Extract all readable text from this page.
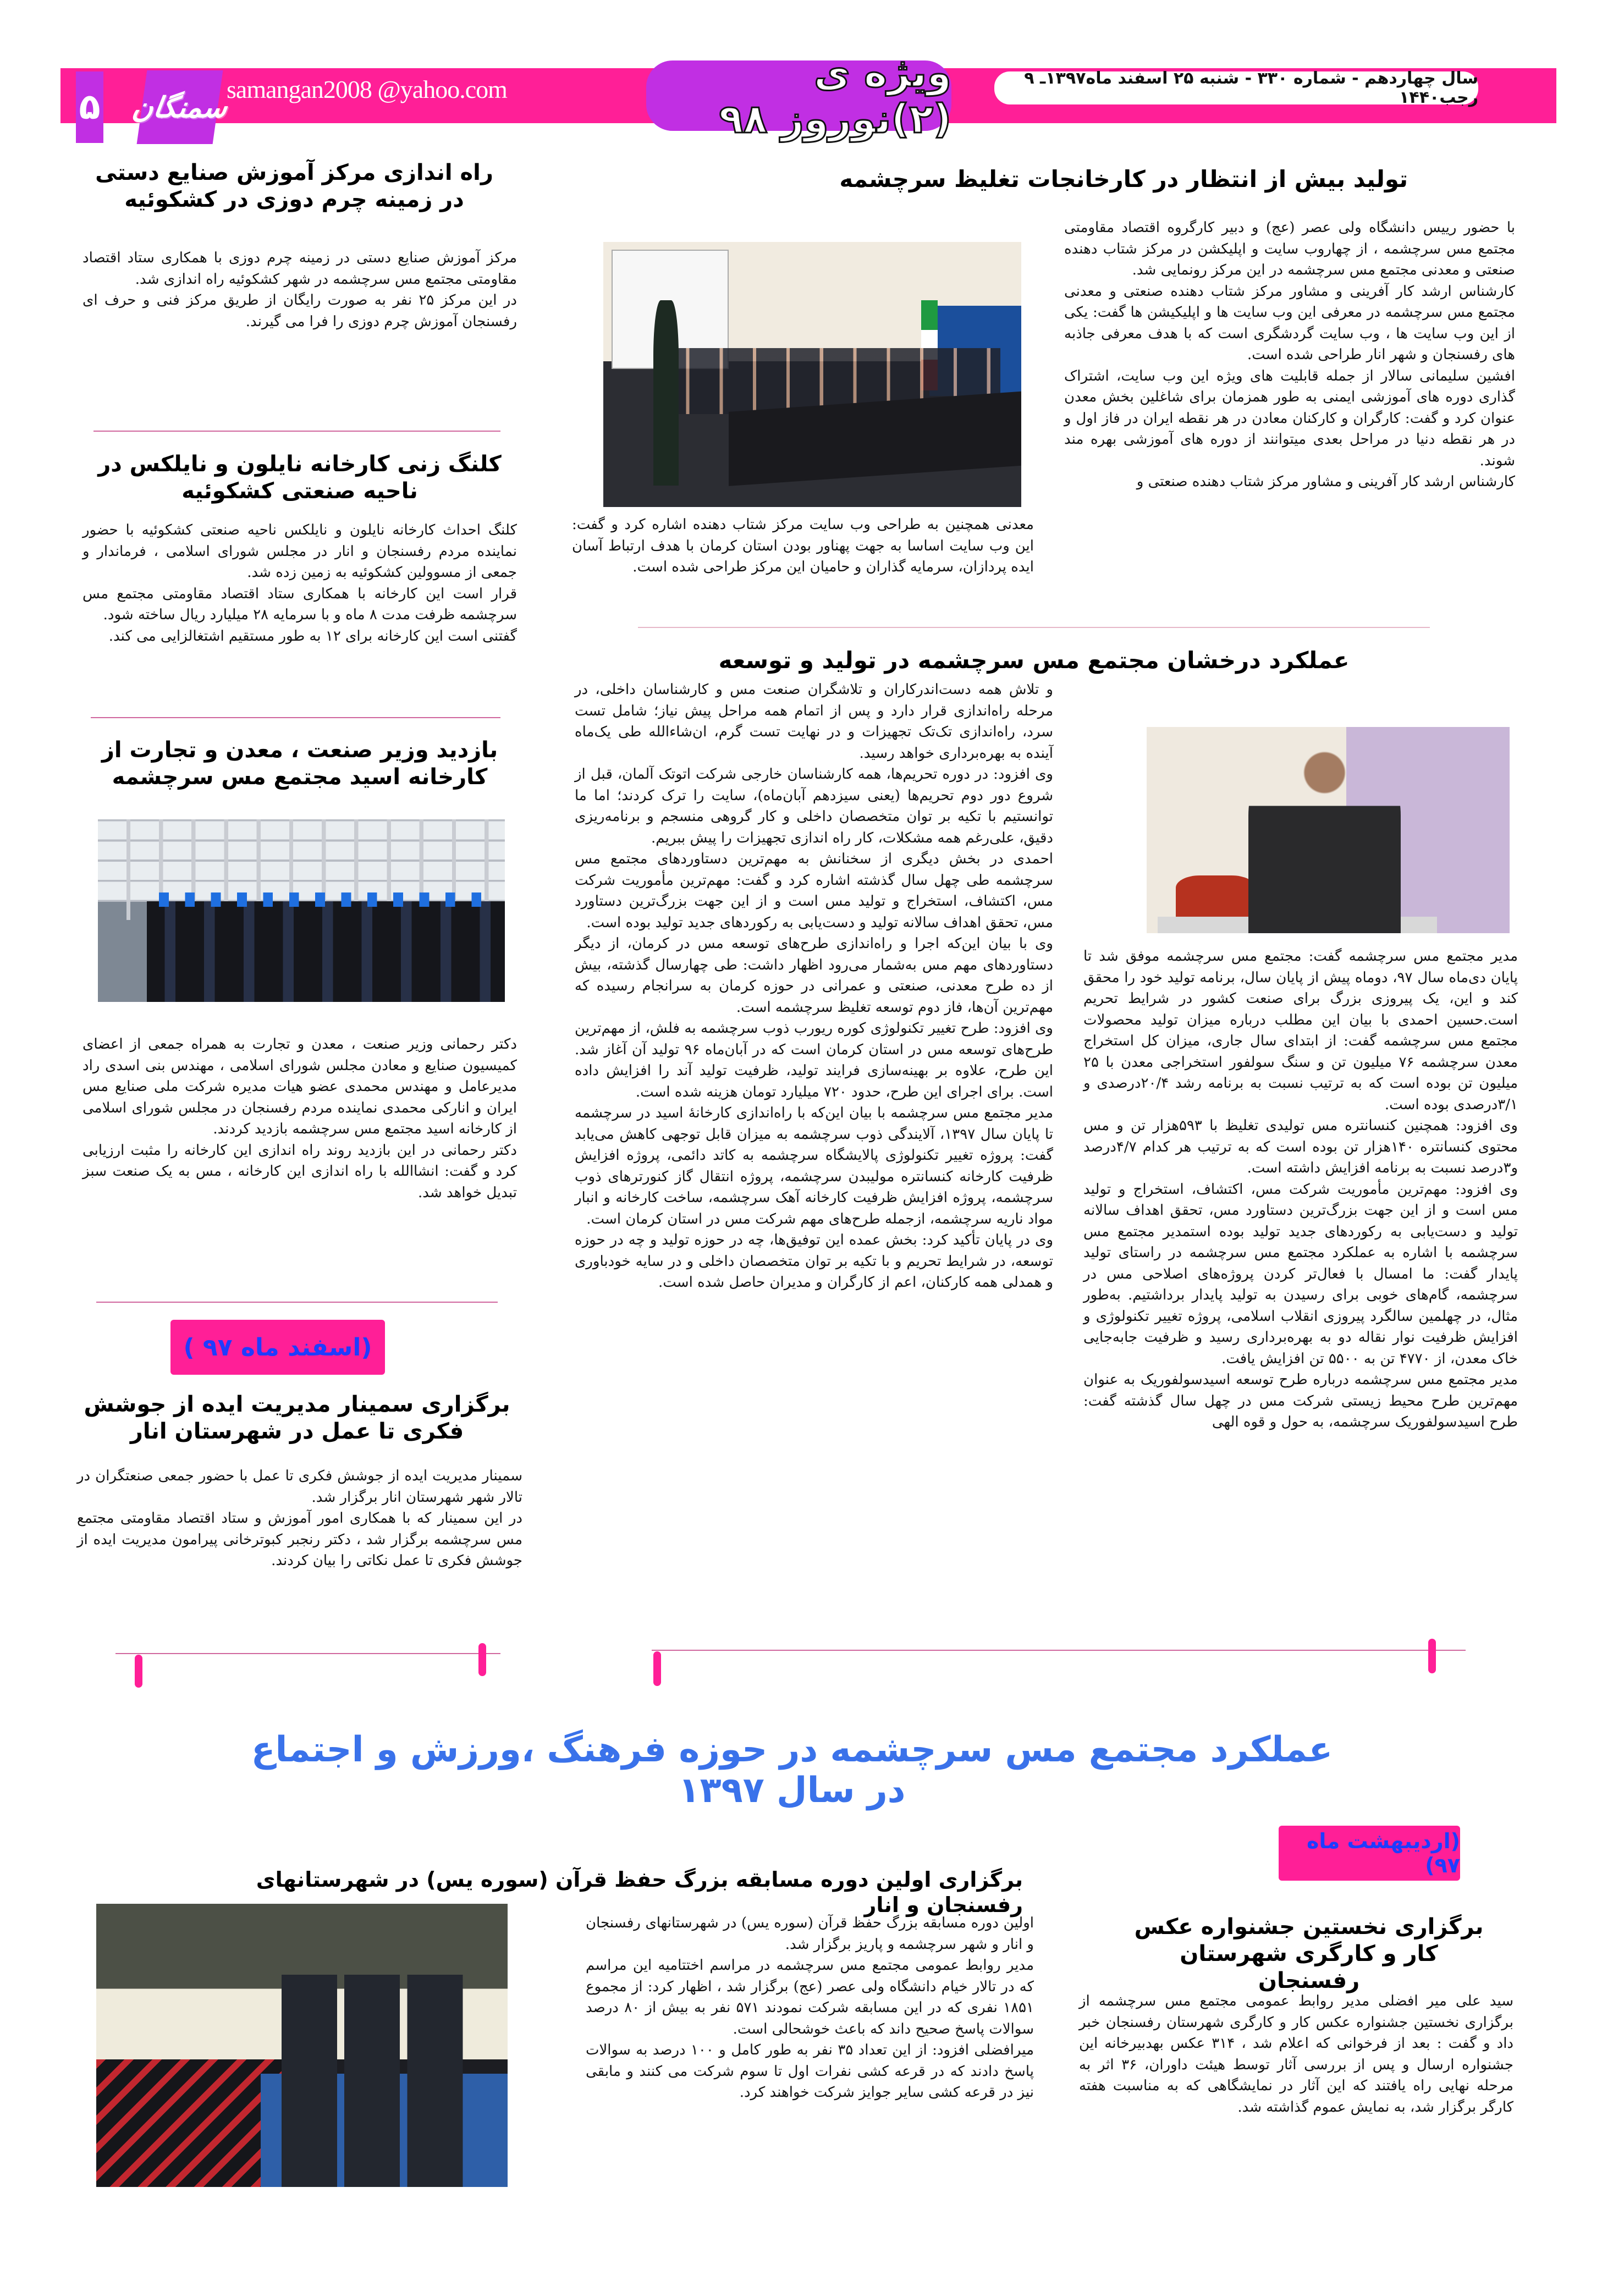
۵ سمنگان
samangan2008 @yahoo.com	ویژه ی (۲)نوروز ۹۸
سال چهاردهم - شماره ۳۳۰ - شنبه ۲۵ اسفند ماه۱۳۹۷ـ ۹ رجب۱۴۴۰
تولید بیش از انتظار در کارخانجات تغلیظ سرچشمه

با حضور رییس دانشگاه ولی عصر (عج) و دبیر کارگروه اقتصاد مقاومتی مجتمع مس سرچشمه ، از چهاروب سایت و اپلیکشن در مرکز شتاب دهنده صنعتی و معدنی مجتمع مس سرچشمه در این مرکز رونمایی شد.

کارشناس ارشد کار آفرینی و مشاور مرکز شتاب دهنده صنعتی و معدنی مجتمع مس سرچشمه در معرفی این وب سایت ها و اپلیکیشن ها گفت: یکی از این وب سایت ها ، وب سایت گردشگری است که با هدف معرفی جاذبه های رفسنجان و شهر انار طراحی شده است.

افشین سلیمانی سالار از جمله قابلیت های ویژه این وب سایت، اشتراک گذاری دوره های آموزشی ایمنی به طور همزمان برای شاغلین بخش معدن عنوان کرد و گفت: کارگران و کارکنان معادن در هر نقطه ایران در فاز اول و در هر نقطه دنیا در مراحل بعدی میتوانند از دوره های آموزشی بهره مند شوند.

کارشناس ارشد کار آفرینی و مشاور مرکز شتاب دهنده صنعتی و

معدنی همچنین به طراحی وب سایت مرکز شتاب دهنده اشاره کرد و گفت: این وب سایت اساسا به جهت پهناور بودن استان کرمان با هدف ارتباط آسان ایده پردازان، سرمایه گذاران و حامیان این مرکز طراحی شده است.
راه اندازی مرکز آموزش صنایع دستی در زمینه چرم دوزی در کشکوئیه

مرکز آموزش صنایع دستی در زمینه چرم دوزی با همکاری ستاد اقتصاد مقاومتی مجتمع مس سرچشمه در شهر کشکوئیه راه اندازی شد.

در این مرکز ۲۵ نفر به صورت رایگان از طریق مرکز فنی و حرف ای رفسنجان آموزش چرم دوزی را فرا می گیرند.

کلنگ زنی کارخانه نایلون و نایلکس در ناحیه صنعتی کشکوئیه

کلنگ احداث کارخانه نایلون و نایلکس ناحیه صنعتی کشکوئیه با حضور نماینده مردم رفسنجان و انار در مجلس شورای اسلامی ، فرماندار و جمعی از مسوولین کشکوئیه به زمین زده شد.

قرار است این کارخانه با همکاری ستاد اقتصاد مقاومتی مجتمع مس سرچشمه ظرفت مدت ۸ ماه و با سرمایه ۲۸ میلیارد ریال ساخته شود.

گفتنی است این کارخانه برای ۱۲ به طور مستقیم اشتغالزایی می کند.

بازدید وزیر صنعت ، معدن و تجارت از کارخانه اسید مجتمع مس سرچشمه

دکتر رحمانی وزیر صنعت ، معدن و تجارت به همراه جمعی از اعضای کمیسیون صنایع و معادن مجلس شورای اسلامی ، مهندس بنی اسدی راد مدیرعامل و مهندس محمدی عضو هیات مدیره شرکت ملی صنایع مس ایران و انارکی محمدی نماینده مردم رفسنجان در مجلس شورای اسلامی از کارخانه اسید مجتمع مس سرچشمه بازدید کردند.

دکتر رحمانی در این بازدید روند راه اندازی این کارخانه را مثبت ارزیابی کرد و گفت: انشاالله با راه اندازی این کارخانه ، مس به یک صنعت سبز تبدیل خواهد شد.

(اسفند ماه ۹۷ )
برگزاری سمینار مدیریت ایده از جوشش فکری تا عمل در شهرستان انار

سمینار مدیریت ایده از جوشش فکری تا عمل با حضور جمعی صنعتگران در تالار شهر شهرستان انار برگزار شد.

در این سمینار که با همکاری امور آموزش و ستاد اقتصاد مقاومتی مجتمع مس سرچشمه برگزار شد ، دکتر رنجبر کبوترخانی پیرامون مدیریت ایده از جوشش فکری تا عمل نکاتی را بیان کردند.

عملکرد درخشان مجتمع مس سرچشمه در تولید و توسعه

مدیر مجتمع مس سرچشمه گفت: مجتمع مس سرچشمه موفق شد تا پایان دی‌ماه سال ۹۷، دوماه پیش از پایان سال، برنامه تولید خود را محقق کند و این، یک پیروزی بزرگ برای صنعت کشور در شرایط تحریم است.حسین احمدی با بیان این مطلب درباره میزان تولید محصولات مجتمع مس سرچشمه گفت: از ابتدای سال جاری، میزان کل استخراج معدن سرچشمه ۷۶ میلیون تن و سنگ سولفور استخراجی معدن با ۲۵ میلیون تن بوده است که به ترتیب نسبت به برنامه رشد ۲۰/۴درصدی و ۳/۱درصدی بوده است.

وی افزود: همچنین کنسانتره مس تولیدی تغلیظ با ۵۹۳هزار تن و مس محتوی کنسانتره ۱۴۰هزار تن بوده است که به ترتیب هر کدام ۴/۷درصد و۳درصد نسبت به برنامه افزایش داشته است.

وی افزود: مهم‌ترین مأموریت شرکت مس، اکتشاف، استخراج و تولید مس است و از این جهت بزرگ‌ترین دستاورد مس، تحقق اهداف سالانه تولید و دست‌یابی به رکوردهای جدید تولید بوده استمدیر مجتمع مس سرچشمه با اشاره به عملکرد مجتمع مس سرچشمه در راستای تولید پایدار گفت: ما امسال با فعال‌تر کردن پروژه‌های اصلاحی مس در سرچشمه، گام‌های خوبی برای رسیدن به تولید پایدار برداشتیم. به‌طور مثال، در چهلمین سالگرد پیروزی انقلاب اسلامی، پروژه تغییر تکنولوژی و افزایش ظرفیت نوار نقاله دو به بهره‌برداری رسید و ظرفیت جابه‌جایی خاک معدن، از ۴۷۷۰ تن به ۵۵۰۰ تن افزایش یافت.

مدیر مجتمع مس سرچشمه درباره طرح توسعه اسیدسولفوریک به عنوان مهم‌ترین طرح محیط زیستی شرکت مس در چهل سال گذشته گفت: طرح اسیدسولفوریک سرچشمه، به حول و قوه الهی

و تلاش همه دست‌اندرکاران و تلاشگران صنعت مس و کارشناسان داخلی، در مرحله راه‌اندازی قرار دارد و پس از اتمام همه مراحل پیش نیاز؛ شامل تست سرد، راه‌اندازی تک‌تک تجهیزات و در نهایت تست گرم، ان‌شاءالله طی یک‌ماه آینده به بهره‌برداری خواهد رسید.

وی افزود: در دوره تحریم‌ها، همه کارشناسان خارجی شرکت اتوتک آلمان، قبل از شروع دور دوم تحریم‌ها (یعنی سیزدهم آبان‌ماه)، سایت را ترک کردند؛ اما ما توانستیم با تکیه بر توان متخصصان داخلی و کار گروهی منسجم و برنامه‌ریزی دقیق، علی‌رغم همه مشکلات، کار راه اندازی تجهیزات را پیش ببریم.

احمدی در بخش دیگری از سخنانش به مهم‌ترین دستاوردهای مجتمع مس سرچشمه طی چهل سال گذشته اشاره کرد و گفت: مهم‌ترین مأموریت شرکت مس، اکتشاف، استخراج و تولید مس است و از این جهت بزرگ‌ترین دستاورد مس، تحقق اهداف سالانه تولید و دست‌یابی به رکوردهای جدید تولید بوده است.

وی با بیان این‌که اجرا و راه‌اندازی طرح‌های توسعه مس در کرمان، از دیگر دستاوردهای مهم مس به‌شمار می‌رود اظهار داشت: طی چهارسال گذشته، بیش از ده طرح معدنی، صنعتی و عمرانی در حوزه کرمان به سرانجام رسیده که مهم‌ترین آن‌ها، فاز دوم توسعه تغلیظ سرچشمه است.

وی افزود: طرح تغییر تکنولوژی کوره ریورب ذوب سرچشمه به فلش، از مهم‌ترین طرح‌های توسعه مس در استان کرمان است که در آبان‌ماه ۹۶ تولید آن آغاز شد. این طرح، علاوه بر بهینه‌سازی فرایند تولید، ظرفیت تولید آند را افزایش داده است. برای اجرای این طرح، حدود ۷۲۰ میلیارد تومان هزینه شده است.

مدیر مجتمع مس سرچشمه با بیان این‌که با راه‌اندازی کارخانهٔ اسید در سرچشمه تا پایان سال ۱۳۹۷، آلایندگی ذوب سرچشمه به میزان قابل توجهی کاهش می‌یابد گفت: پروژه تغییر تکنولوژی پالایشگاه سرچشمه به کاتد دائمی، پروژه افزایش ظرفیت کارخانه کنسانتره مولیبدن سرچشمه، پروژه انتقال گاز کنورترهای ذوب سرچشمه، پروژه افزایش ظرفیت کارخانه آهک سرچشمه، ساخت کارخانه و انبار مواد ناریه سرچشمه، ازجمله طرح‌های مهم شرکت مس در استان کرمان است.

وی در پایان تأکید کرد: بخش عمده این توفیق‌ها، چه در حوزه تولید و چه در حوزه توسعه، در شرایط تحریم و با تکیه بر توان متخصصان داخلی و در سایه خودباوری و همدلی همه کارکنان، اعم از کارگران و مدیران حاصل شده است.

عملکرد مجتمع مس سرچشمه در حوزه فرهنگ ،ورزش و اجتماع در سال ۱۳۹۷
(اردیبهشت ماه ۹۷)
برگزاری اولین دوره مسابقه بزرگ حفظ قرآن (سوره یس) در شهرستانهای رفسنجان و انار

اولین دوره مسابقه بزرگ حفظ قرآن (سوره یس) در شهرستانهای رفسنجان و انار و شهر سرچشمه و پاریز برگزار شد.

مدیر روابط عمومی مجتمع مس سرچشمه در مراسم اختتامیه این مراسم که در تالار خیام دانشگاه ولی عصر (عج) برگزار شد ، اظهار کرد: از مجموع ۱۸۵۱ نفری که در این مسابقه شرکت نمودند ۵۷۱ نفر به بیش از ۸۰ درصد سوالات پاسخ صحیح داند که باعث خوشحالی است.

میرافضلی افزود: از این تعداد ۳۵ نفر به طور کامل و ۱۰۰ درصد به سوالات پاسخ دادند که در قرعه کشی نفرات اول تا سوم شرکت می کنند و مابقی نیز در قرعه کشی سایر جوایز شرکت خواهند کرد.

برگزاری نخستین جشنواره عکس کار و کارگری شهرستان رفسنجان

سید علی میر افضلی مدیر روابط عمومی مجتمع مس سرچشمه از برگزاری نخستین جشنواره عکس کار و کارگری شهرستان رفسنجان خبر داد و گفت : بعد از فرخوانی که اعلام شد ، ۳۱۴ عکس بهدبیرخانه این جشنواره ارسال و پس از بررسی آثار توسط هیئت داوران، ۳۶ اثر به مرحله نهایی راه یافتند که این آثار در نمایشگاهی که به مناسبت هفته کارگر برگزار شد، به نمایش عموم گذاشته شد.
